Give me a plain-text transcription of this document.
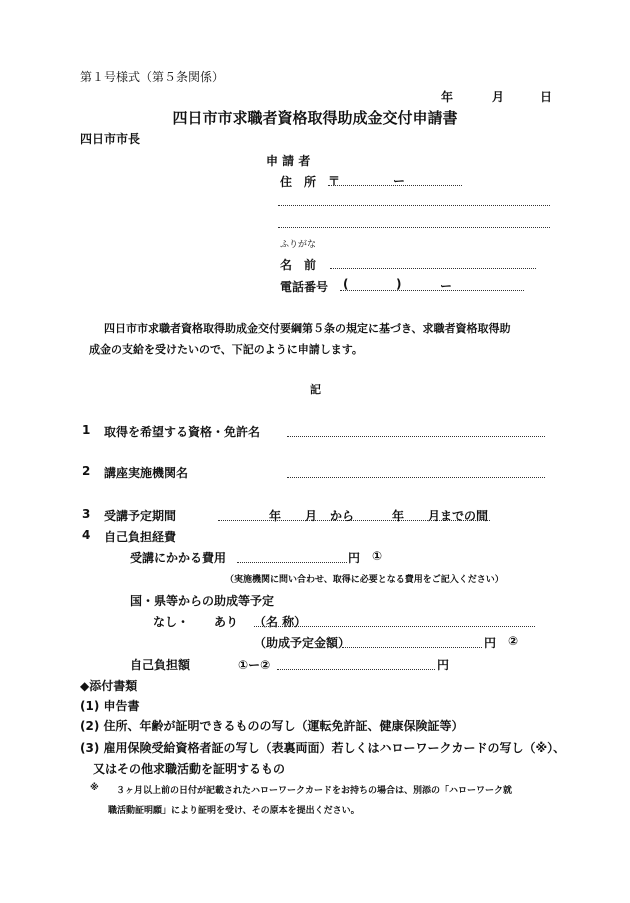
第１号様式（第５条関係）
年	月	日
四日市市求職者資格取得助成金交付申請書
四日市市長
申 請 者
住　所 〒	ー
ふりがな
名　前
電話番号 (	)	ー
四日市市求職者資格取得助成金交付要綱第５条の規定に基づき、求職者資格取得助
成金の支給を受けたいので、下記のように申請します。
記
1 取得を希望する資格・免許名
2 講座実施機関名
3 受講予定期間	年 月 から	年 月までの間
4 自己負担経費
受講にかかる費用	円 ①
（実施機関に問い合わせ、取得に必要となる費用をご記入ください）
国・県等からの助成等予定
なし・ あり （名 称）
（助成予定金額）	円 ②
自己負担額	①ー②	円
◆添付書類
(1) 申告書
(2) 住所、年齢が証明できるものの写し（運転免許証、健康保険証等）
(3) 雇用保険受給資格者証の写し（表裏両面）若しくはハローワークカードの写し（※）、
又はその他求職活動を証明するもの
※ ３ヶ月以上前の日付が記載されたハローワークカードをお持ちの場合は、別添の「ハローワーク就
職活動証明願」により証明を受け、その原本を提出ください。
